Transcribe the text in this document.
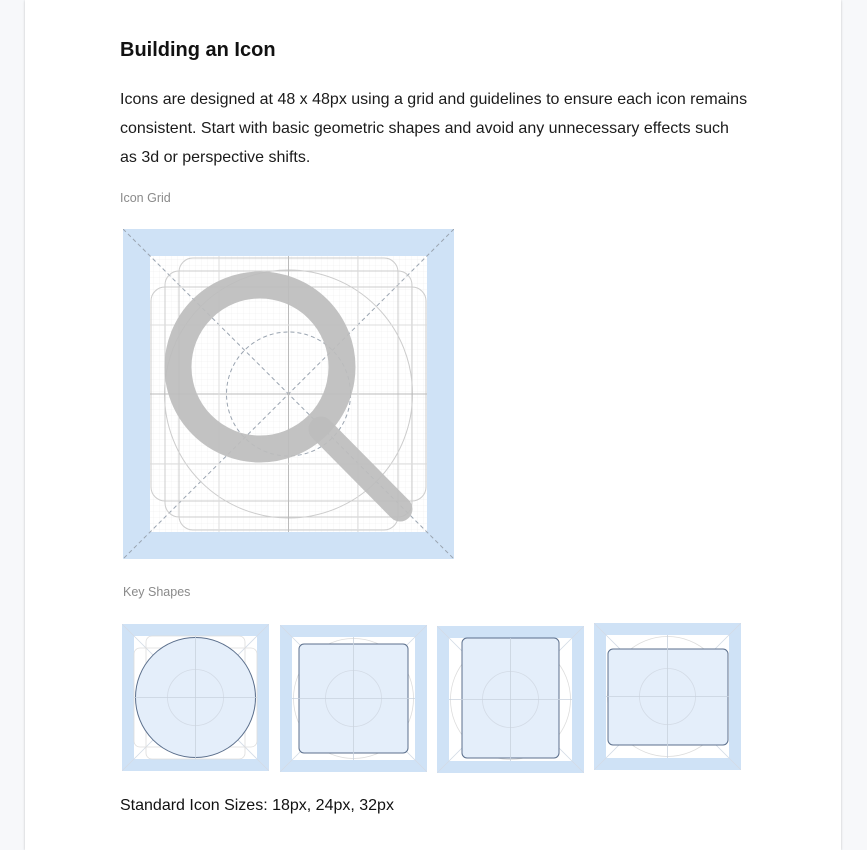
Building an Icon

Icons are designed at 48 x 48px using a grid and guidelines to ensure each icon remains consistent. Start with basic geometric shapes and avoid any unnecessary effects such as 3d or perspective shifts.

Icon Grid
Key Shapes
Standard Icon Sizes: 18px, 24px, 32px
